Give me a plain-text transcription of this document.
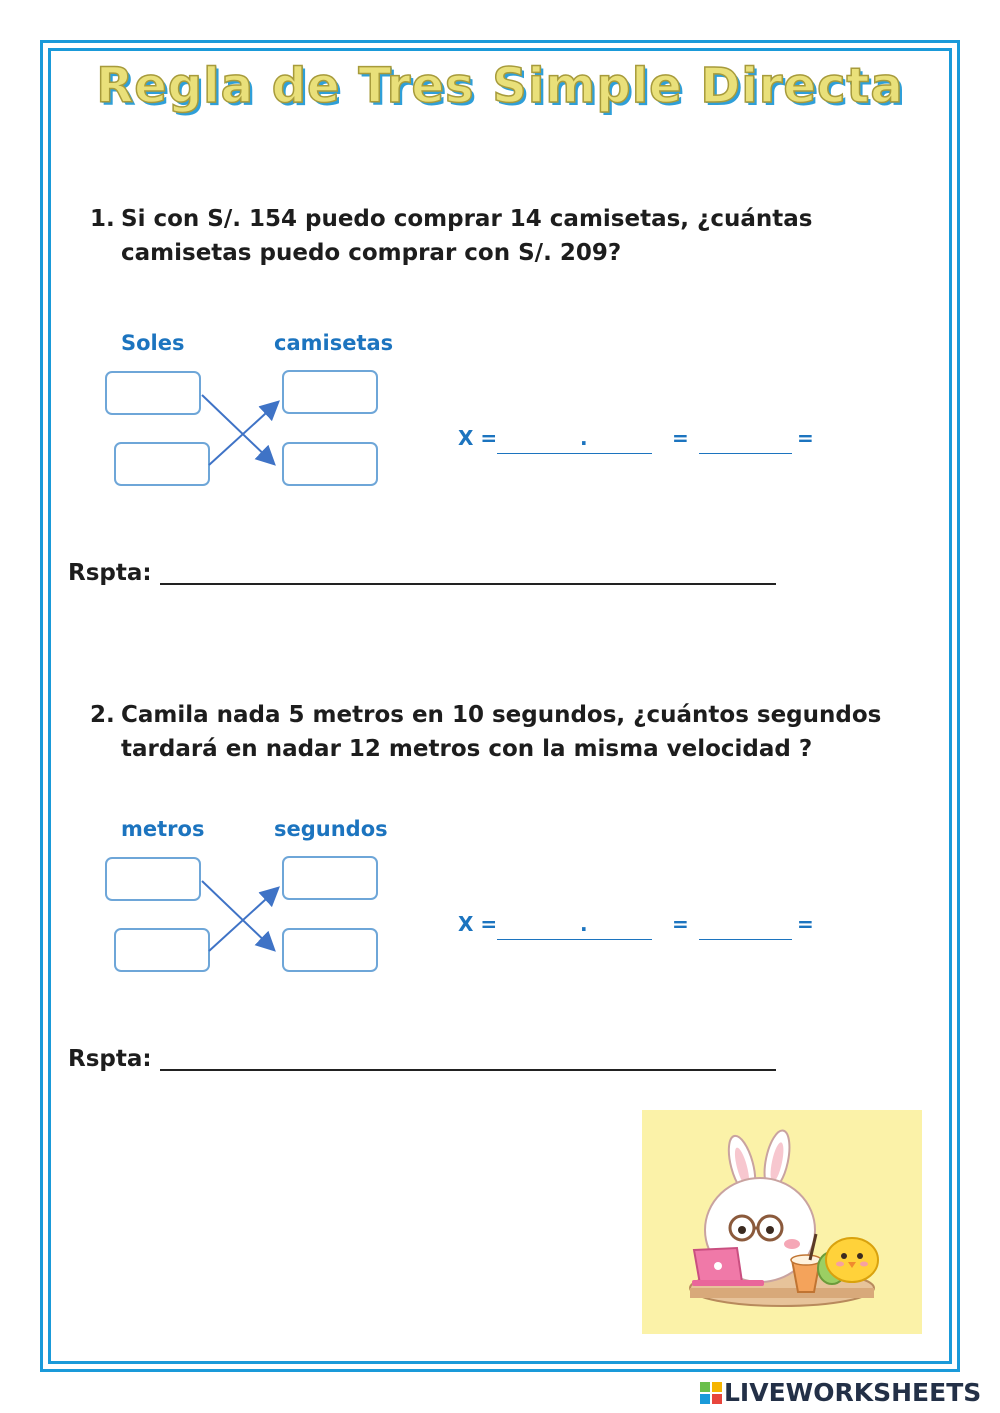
Regla de Tres Simple Directa
1. Si con S/. 154 puedo comprar 14 camisetas, ¿cuántas
camisetas puedo comprar con S/. 209?
Soles	camisetas
X =	.	=	=
Rspta:
2. Camila nada 5 metros en 10 segundos, ¿cuántos segundos
tardará en nadar 12 metros con la misma velocidad ?
metros	segundos
X =	.	=	=
Rspta:
LIVEWORKSHEETS
